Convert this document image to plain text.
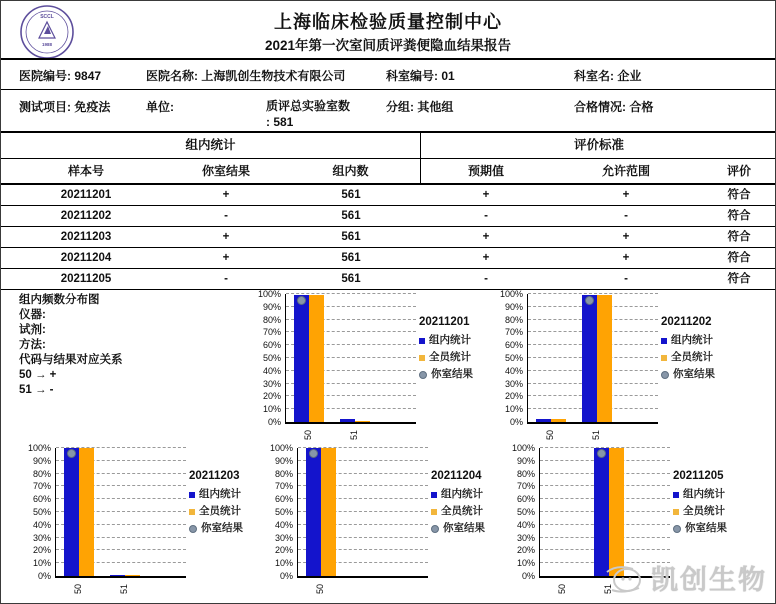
SCCL
1988
上海临床检验质量控制中心
2021年第一次室间质评粪便隐血结果报告
医院编号: 9847	医院名称: 上海凯创生物技术有限公司	科室编号: 01	科室名: 企业
测试项目: 免疫法	单位:	质评总实验室数
: 581
分组: 其他组	合格情况: 合格
组内统计	评价标准
样本号	你室结果	组内数	预期值	允许范围	评价
20211201	+	561	+	+	符合
20211202	-	561	-	-	符合
20211203	+	561	+	+	符合
20211204	+	561	+	+	符合
20211205	-	561	-	-	符合
组内频数分布图
仪器:
试剂:
方法:
代码与结果对应关系
50 → +
51 → -
0%
10%
20%
30%
40%
50%
60%
70%
80%
90%
100%
50	51
20211201
组内统计
全员统计
你室结果
0%
10%
20%
30%
40%
50%
60%
70%
80%
90%
100%
50	51
20211202
组内统计
全员统计
你室结果
0%
10%
20%
30%
40%
50%
60%
70%
80%
90%
100%
50	51
20211203
组内统计
全员统计
你室结果
0%
10%
20%
30%
40%
50%
60%
70%
80%
90%
100%
50
20211204
组内统计
全员统计
你室结果
0%
10%
20%
30%
40%
50%
60%
70%
80%
90%
100%
50	51
20211205
组内统计
全员统计
你室结果
凯创生物
